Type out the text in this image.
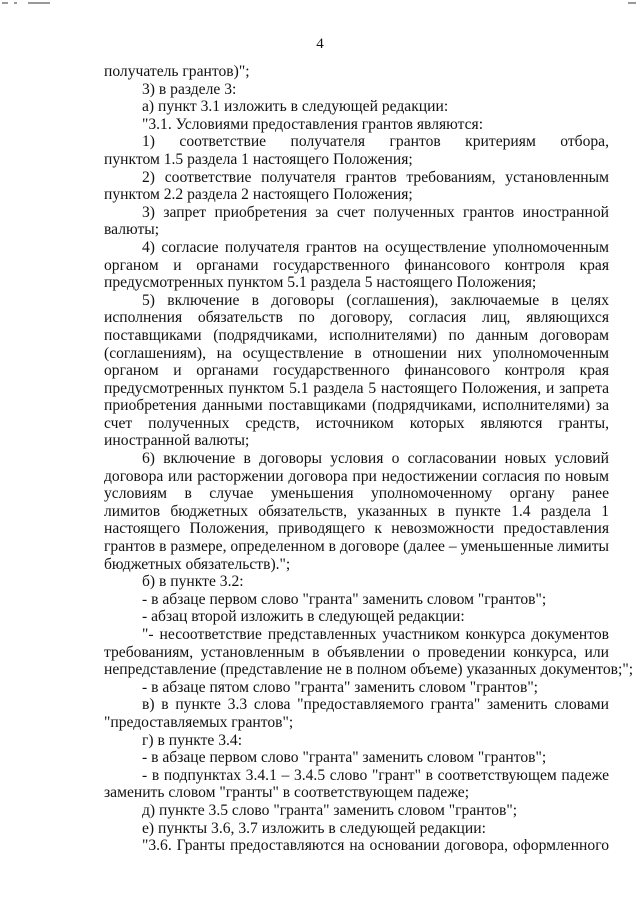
4
получатель грантов)";
3) в разделе 3:
а) пункт 3.1 изложить в следующей редакции:
"3.1. Условиями предоставления грантов являются:
1) соответствие получателя грантов критериям отбора,
пунктом 1.5 раздела 1 настоящего Положения;
2) соответствие получателя грантов требованиям, установленным
пунктом 2.2 раздела 2 настоящего Положения;
3) запрет приобретения за счет полученных грантов иностранной
валюты;
4) согласие получателя грантов на осуществление уполномоченным
органом и органами государственного финансового контроля края
предусмотренных пунктом 5.1 раздела 5 настоящего Положения;
5) включение в договоры (соглашения), заключаемые в целях
исполнения обязательств по договору, согласия лиц, являющихся
поставщиками (подрядчиками, исполнителями) по данным договорам
(соглашениям), на осуществление в отношении них уполномоченным
органом и органами государственного финансового контроля края
предусмотренных пунктом 5.1 раздела 5 настоящего Положения, и запрета
приобретения данными поставщиками (подрядчиками, исполнителями) за
счет полученных средств, источником которых являются гранты,
иностранной валюты;
6) включение в договоры условия о согласовании новых условий
договора или расторжении договора при недостижении согласия по новым
условиям в случае уменьшения уполномоченному органу ранее
лимитов бюджетных обязательств, указанных в пункте 1.4 раздела 1
настоящего Положения, приводящего к невозможности предоставления
грантов в размере, определенном в договоре (далее – уменьшенные лимиты
бюджетных обязательств).";
б) в пункте 3.2:
- в абзаце первом слово "гранта" заменить словом "грантов";
- абзац второй изложить в следующей редакции:
"- несоответствие представленных участником конкурса документов
требованиям, установленным в объявлении о проведении конкурса, или
непредставление (представление не в полном объеме) указанных документов;";
- в абзаце пятом слово "гранта" заменить словом "грантов";
в) в пункте 3.3 слова "предоставляемого гранта" заменить словами
"предоставляемых грантов";
г) в пункте 3.4:
- в абзаце первом слово "гранта" заменить словом "грантов";
- в подпунктах 3.4.1 – 3.4.5 слово "грант" в соответствующем падеже
заменить словом "гранты" в соответствующем падеже;
д) пункте 3.5 слово "гранта" заменить словом "грантов";
е) пункты 3.6, 3.7 изложить в следующей редакции:
"3.6. Гранты предоставляются на основании договора, оформленного
